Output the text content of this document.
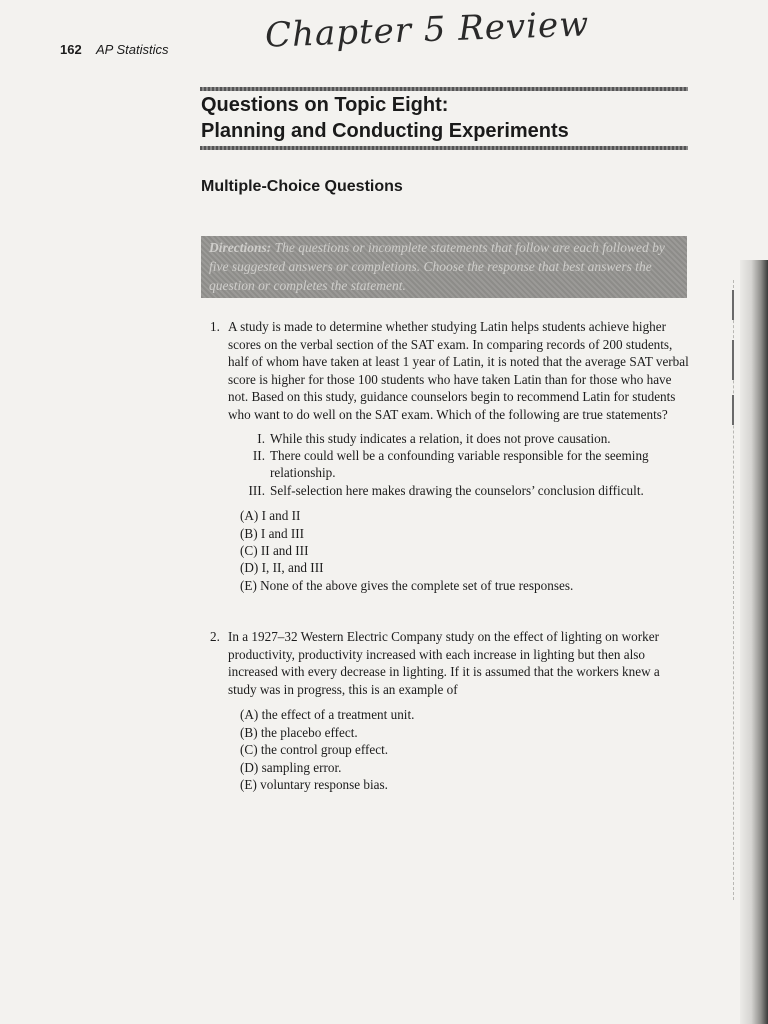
162 AP Statistics	Chapter 5 Review
Questions on Topic Eight:
Planning and Conducting Experiments
Multiple-Choice Questions
Directions: The questions or incomplete statements that follow are each followed by five suggested answers or completions. Choose the response that best answers the question or completes the statement.
1. A study is made to determine whether studying Latin helps students achieve higher scores on the verbal section of the SAT exam. In comparing records of 200 students, half of whom have taken at least 1 year of Latin, it is noted that the average SAT verbal score is higher for those 100 students who have taken Latin than for those who have not. Based on this study, guidance counselors begin to recommend Latin for students who want to do well on the SAT exam. Which of the following are true statements?
I. While this study indicates a relation, it does not prove causation.
II. There could well be a confounding variable responsible for the seeming relationship.
III. Self-selection here makes drawing the counselors’ conclusion difficult.
(A) I and II
(B) I and III
(C) II and III
(D) I, II, and III
(E) None of the above gives the complete set of true responses.
2. In a 1927–32 Western Electric Company study on the effect of lighting on worker productivity, productivity increased with each increase in lighting but then also increased with every decrease in lighting. If it is assumed that the workers knew a study was in progress, this is an example of
(A) the effect of a treatment unit.
(B) the placebo effect.
(C) the control group effect.
(D) sampling error.
(E) voluntary response bias.
